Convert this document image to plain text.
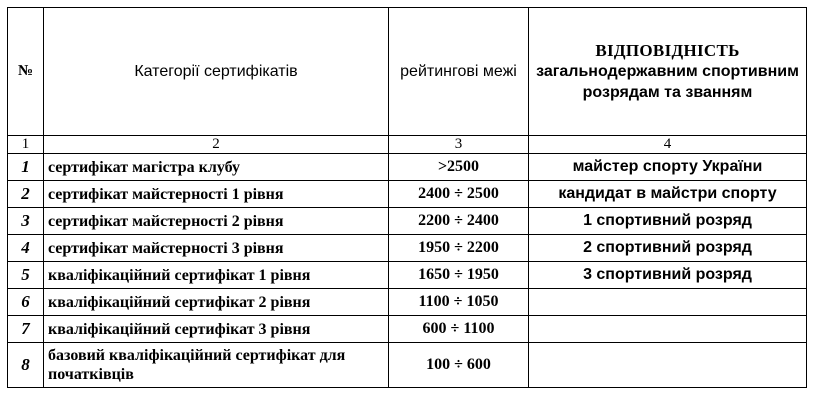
№	Категорії сертифікатів	рейтингові межі	ВІДПОВІДНІСТЬ
загальнодержавним спортивним розрядам та званням

1	2	3	4
1	сертифікат магістра клубу	>2500	майстер спорту України
2	сертифікат майстерності 1 рівня	2400 ÷ 2500	кандидат в майстри спорту
3	сертифікат майстерності 2 рівня	2200 ÷ 2400	1 спортивний розряд
4	сертифікат майстерності 3 рівня	1950 ÷ 2200	2 спортивний розряд
5	кваліфікаційний сертифікат 1 рівня	1650 ÷ 1950	3 спортивний розряд
6	кваліфікаційний сертифікат 2 рівня	1100 ÷ 1050	
7	кваліфікаційний сертифікат 3 рівня	600 ÷ 1100	
8	базовий кваліфікаційний сертифікат для початківців	100 ÷ 600	
